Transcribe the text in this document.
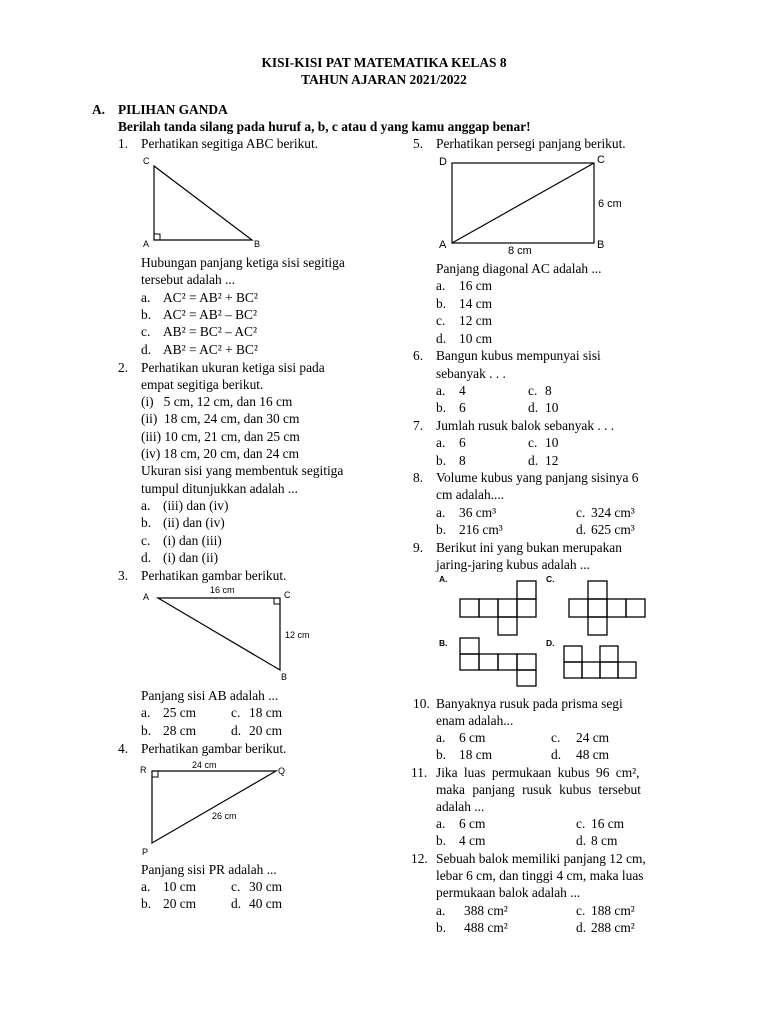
KISI-KISI PAT MATEMATIKA KELAS 8
TAHUN AJARAN 2021/2022
A. PILIHAN GANDA
Berilah tanda silang pada huruf a, b, c atau d yang kamu anggap benar!
1. Perhatikan segitiga ABC berikut.
C
A	B
Hubungan panjang ketiga sisi segitiga
tersebut adalah ...
a. AC² = AB² + BC²
b. AC² = AB² – BC²
c. AB² = BC² – AC²
d. AB² = AC² + BC²
2. Perhatikan ukuran ketiga sisi pada
empat segitiga berikut.
(i)   5 cm, 12 cm, dan 16 cm
(ii)  18 cm, 24 cm, dan 30 cm
(iii) 10 cm, 21 cm, dan 25 cm
(iv) 18 cm, 20 cm, dan 24 cm
Ukuran sisi yang membentuk segitiga
tumpul ditunjukkan adalah ...
a. (iii) dan (iv)
b. (ii) dan (iv)
c. (i) dan (iii)
d. (i) dan (ii)
3. Perhatikan gambar berikut.
A	C
B
16 cm
12 cm
Panjang sisi AB adalah ...
a. 25 cm	c. 18 cm
b. 28 cm	d. 20 cm
4. Perhatikan gambar berikut.
R	Q
P
24 cm
26 cm
Panjang sisi PR adalah ...
a. 10 cm	c. 30 cm
b. 20 cm	d. 40 cm
5. Perhatikan persegi panjang berikut.
D	C
A	B
6 cm
8 cm
Panjang diagonal AC adalah ...
a. 16 cm
b. 14 cm
c. 12 cm
d. 10 cm
6. Bangun kubus mempunyai sisi
sebanyak . . .
a. 4	c. 8
b. 6	d. 10
7. Jumlah rusuk balok sebanyak . . .
a. 6	c. 10
b. 8	d. 12
8. Volume kubus yang panjang sisinya 6
cm adalah....
a. 36 cm³	c. 324 cm³
b. 216 cm³	d. 625 cm³
9. Berikut ini yang bukan merupakan
jaring-jaring kubus adalah ...
A.	C.
B.	D.
10. Banyaknya rusuk pada prisma segi
enam adalah...
a. 6 cm	c. 24 cm
b. 18 cm	d. 48 cm
11. Jika luas permukaan kubus 96 cm²,
maka panjang rusuk kubus tersebut
adalah ...
a. 6 cm	c. 16 cm
b. 4 cm	d. 8 cm
12. Sebuah balok memiliki panjang 12 cm,
lebar 6 cm, dan tinggi 4 cm, maka luas
permukaan balok adalah ...
a. 388 cm²	c. 188 cm²
b. 488 cm²	d. 288 cm²
